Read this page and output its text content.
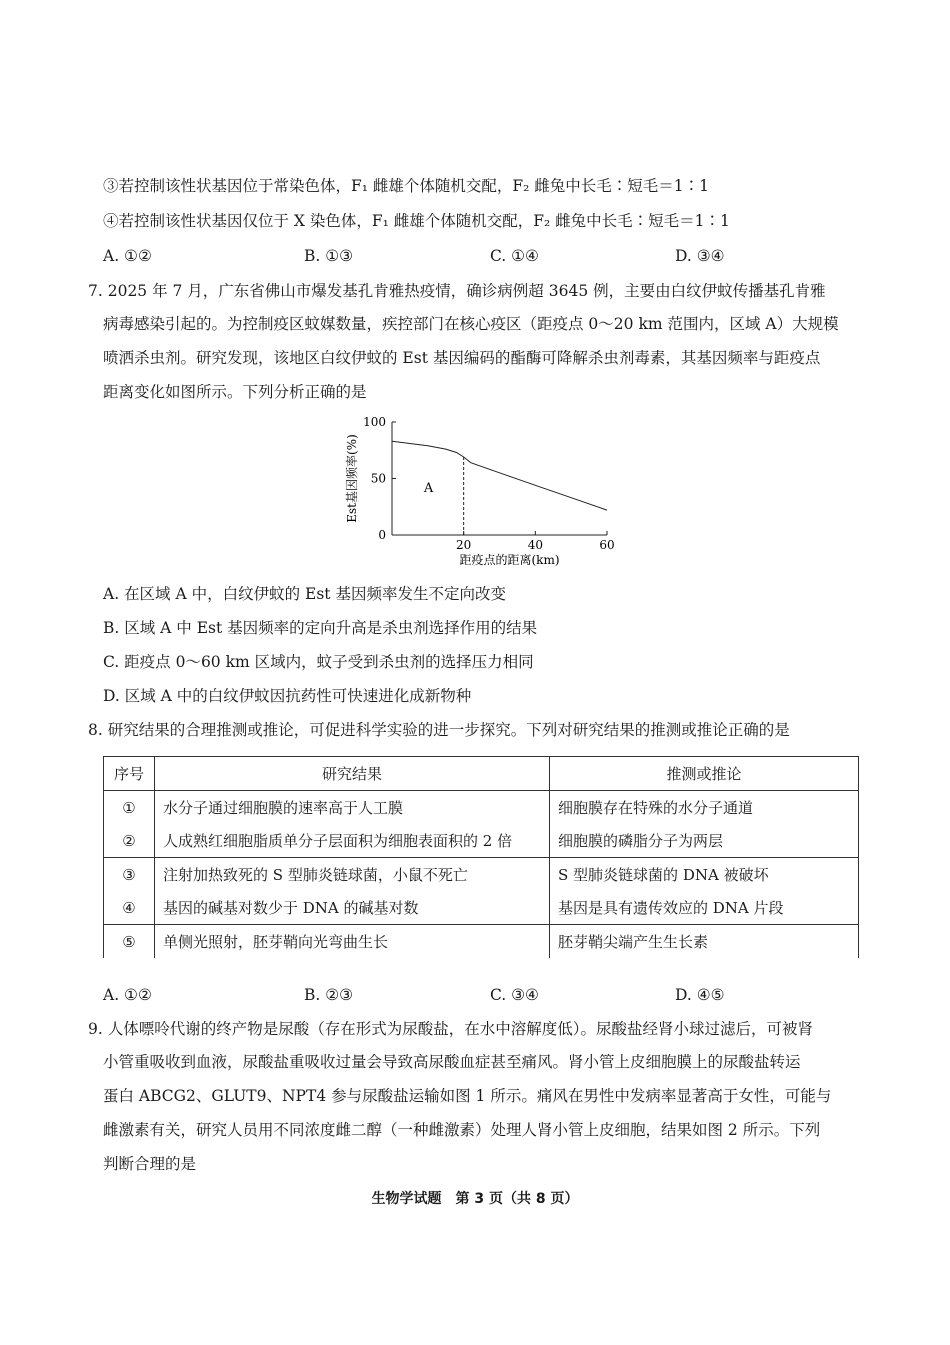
③若控制该性状基因位于常染色体，F₁ 雌雄个体随机交配，F₂ 雌兔中长毛∶短毛＝1∶1
④若控制该性状基因仅位于 X 染色体，F₁ 雌雄个体随机交配，F₂ 雌兔中长毛∶短毛＝1∶1
A. ①②	B. ①③	C. ①④	D. ③④
7. 2025 年 7 月，广东省佛山市爆发基孔肯雅热疫情，确诊病例超 3645 例，主要由白纹伊蚊传播基孔肯雅
病毒感染引起的。为控制疫区蚊媒数量，疾控部门在核心疫区（距疫点 0～20 km 范围内，区域 A）大规模
喷洒杀虫剂。研究发现，该地区白纹伊蚊的 Est 基因编码的酯酶可降解杀虫剂毒素，其基因频率与距疫点
距离变化如图所示。下列分析正确的是
0
50
100
20	40	60
A
Est基因频率(%)
距疫点的距离(km)
A. 在区域 A 中，白纹伊蚊的 Est 基因频率发生不定向改变
B. 区域 A 中 Est 基因频率的定向升高是杀虫剂选择作用的结果
C. 距疫点 0～60 km 区域内，蚊子受到杀虫剂的选择压力相同
D. 区域 A 中的白纹伊蚊因抗药性可快速进化成新物种
8. 研究结果的合理推测或推论，可促进科学实验的进一步探究。下列对研究结果的推测或推论正确的是
序号	研究结果	推测或推论
①	水分子通过细胞膜的速率高于人工膜	细胞膜存在特殊的水分子通道
②	人成熟红细胞脂质单分子层面积为细胞表面积的 2 倍	细胞膜的磷脂分子为两层
③	注射加热致死的 S 型肺炎链球菌，小鼠不死亡	S 型肺炎链球菌的 DNA 被破坏
④	基因的碱基对数少于 DNA 的碱基对数	基因是具有遗传效应的 DNA 片段
⑤	单侧光照射，胚芽鞘向光弯曲生长	胚芽鞘尖端产生生长素
A. ①②	B. ②③	C. ③④	D. ④⑤
9. 人体嘌呤代谢的终产物是尿酸（存在形式为尿酸盐，在水中溶解度低）。尿酸盐经肾小球过滤后，可被肾
小管重吸收到血液，尿酸盐重吸收过量会导致高尿酸血症甚至痛风。肾小管上皮细胞膜上的尿酸盐转运
蛋白 ABCG2、GLUT9、NPT4 参与尿酸盐运输如图 1 所示。痛风在男性中发病率显著高于女性，可能与
雌激素有关，研究人员用不同浓度雌二醇（一种雌激素）处理人肾小管上皮细胞，结果如图 2 所示。下列
判断合理的是
生物学试题　第 3 页（共 8 页）
